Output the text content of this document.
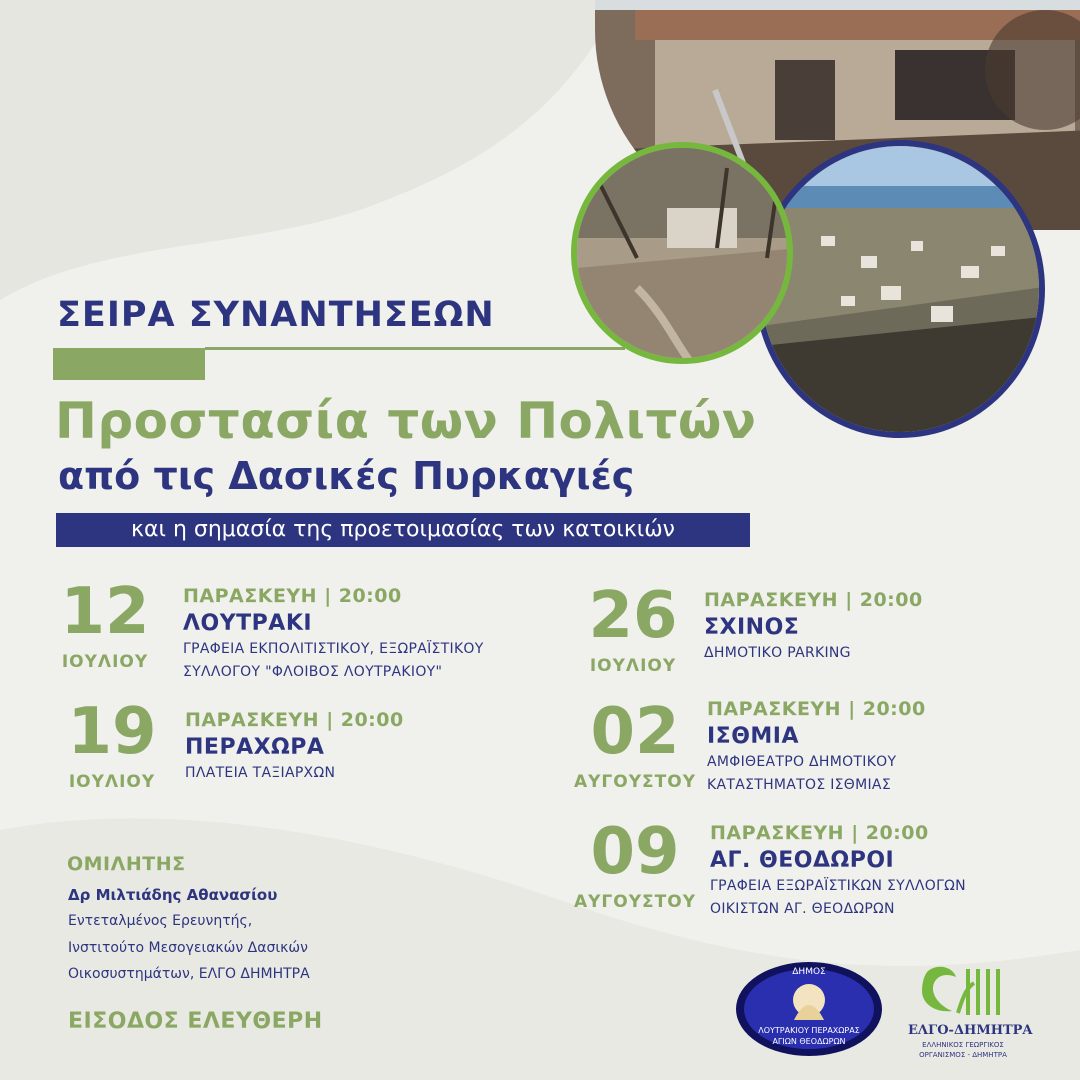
ΣΕΙΡΑ ΣΥΝΑΝΤΗΣΕΩΝ
Προστασία των Πολιτών
από τις Δασικές Πυρκαγιές
και η σημασία της προετοιμασίας των κατοικιών
12
ΙΟΥΛΙΟΥ
ΠΑΡΑΣΚΕΥΗ | 20:00
ΛΟΥΤΡΑΚΙ
ΓΡΑΦΕΙΑ ΕΚΠΟΛΙΤΙΣΤΙΚΟΥ, ΕΞΩΡΑΪΣΤΙΚΟΥ
ΣΥΛΛΟΓΟΥ "ΦΛΟΙΒΟΣ ΛΟΥΤΡΑΚΙΟΥ"
19
ΙΟΥΛΙΟΥ
ΠΑΡΑΣΚΕΥΗ | 20:00
ΠΕΡΑΧΩΡΑ
ΠΛΑΤΕΙΑ ΤΑΞΙΑΡΧΩΝ
26
ΙΟΥΛΙΟΥ
ΠΑΡΑΣΚΕΥΗ | 20:00
ΣΧΙΝΟΣ
ΔΗΜΟΤΙΚΟ PARKING
02
ΑΥΓΟΥΣΤΟΥ
ΠΑΡΑΣΚΕΥΗ | 20:00
ΙΣΘΜΙΑ
ΑΜΦΙΘΕΑΤΡΟ ΔΗΜΟΤΙΚΟΥ
ΚΑΤΑΣΤΗΜΑΤΟΣ ΙΣΘΜΙΑΣ
09
ΑΥΓΟΥΣΤΟΥ
ΠΑΡΑΣΚΕΥΗ | 20:00
ΑΓ. ΘΕΟΔΩΡΟΙ
ΓΡΑΦΕΙΑ ΕΞΩΡΑΪΣΤΙΚΩΝ ΣΥΛΛΟΓΩΝ
ΟΙΚΙΣΤΩΝ ΑΓ. ΘΕΟΔΩΡΩΝ
ΟΜΙΛΗΤΗΣ
Δρ Μιλτιάδης Αθανασίου
Εντεταλμένος Ερευνητής,
Ινστιτούτο Μεσογειακών Δασικών
Οικοσυστημάτων, ΕΛΓΟ ΔΗΜΗΤΡΑ
ΕΙΣΟΔΟΣ ΕΛΕΥΘΕΡΗ
ΔΗΜΟΣ
ΛΟΥΤΡΑΚΙΟΥ ΠΕΡΑΧΩΡΑΣ
ΑΓΙΩΝ ΘΕΟΔΩΡΩΝ
ΕΛΓΟ-ΔΗΜΗΤΡΑ
ΕΛΛΗΝΙΚΟΣ ΓΕΩΡΓΙΚΟΣ
ΟΡΓΑΝΙΣΜΟΣ - ΔΗΜΗΤΡΑ
